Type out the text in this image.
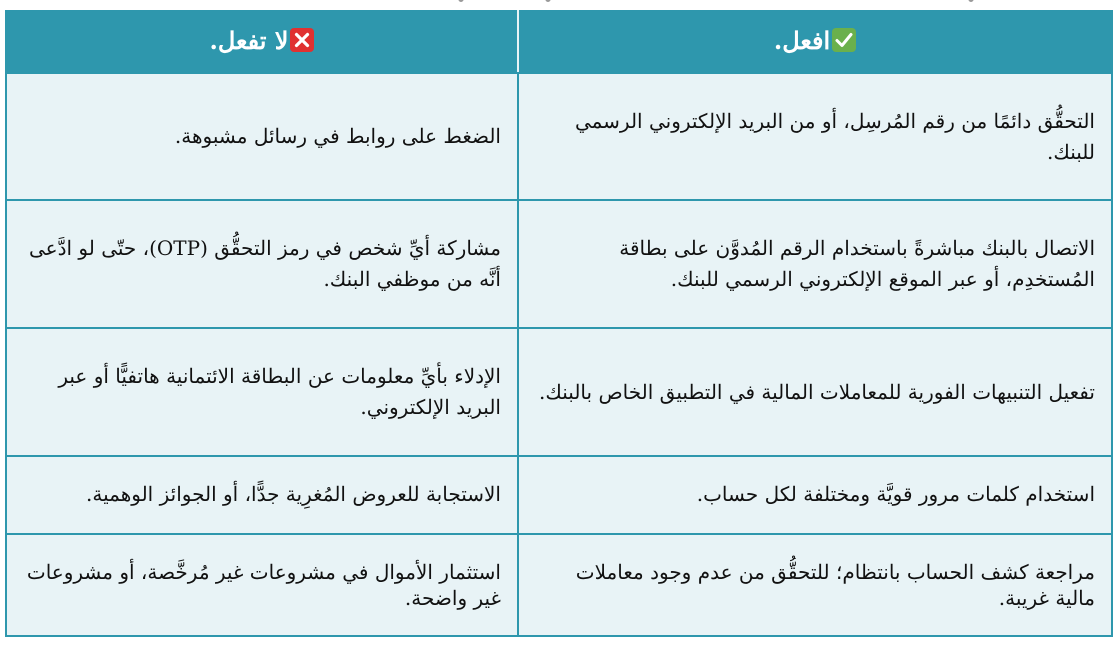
افعل.	لا تفعل.

التحقُّق دائمًا من رقم المُرسِل، أو من البريد الإلكتروني الرسمي للبنك.	الضغط على روابط في رسائل مشبوهة.
الاتصال بالبنك مباشرةً باستخدام الرقم المُدوَّن على بطاقة المُستخدِم، أو عبر الموقع الإلكتروني الرسمي للبنك.	مشاركة أيِّ شخص في رمز التحقُّق (OTP)، حتّى لو ادَّعى أنَّه من موظفي البنك.
تفعيل التنبيهات الفورية للمعاملات المالية في التطبيق الخاص بالبنك.	الإدلاء بأيِّ معلومات عن البطاقة الائتمانية هاتفيًّا أو عبر البريد الإلكتروني.
استخدام كلمات مرور قويَّة ومختلفة لكل حساب.	الاستجابة للعروض المُغرِية جدًّا، أو الجوائز الوهمية.
مراجعة كشف الحساب بانتظام؛ للتحقُّق من عدم وجود معاملات مالية غريبة.	استثمار الأموال في مشروعات غير مُرخَّصة، أو مشروعات غير واضحة.
